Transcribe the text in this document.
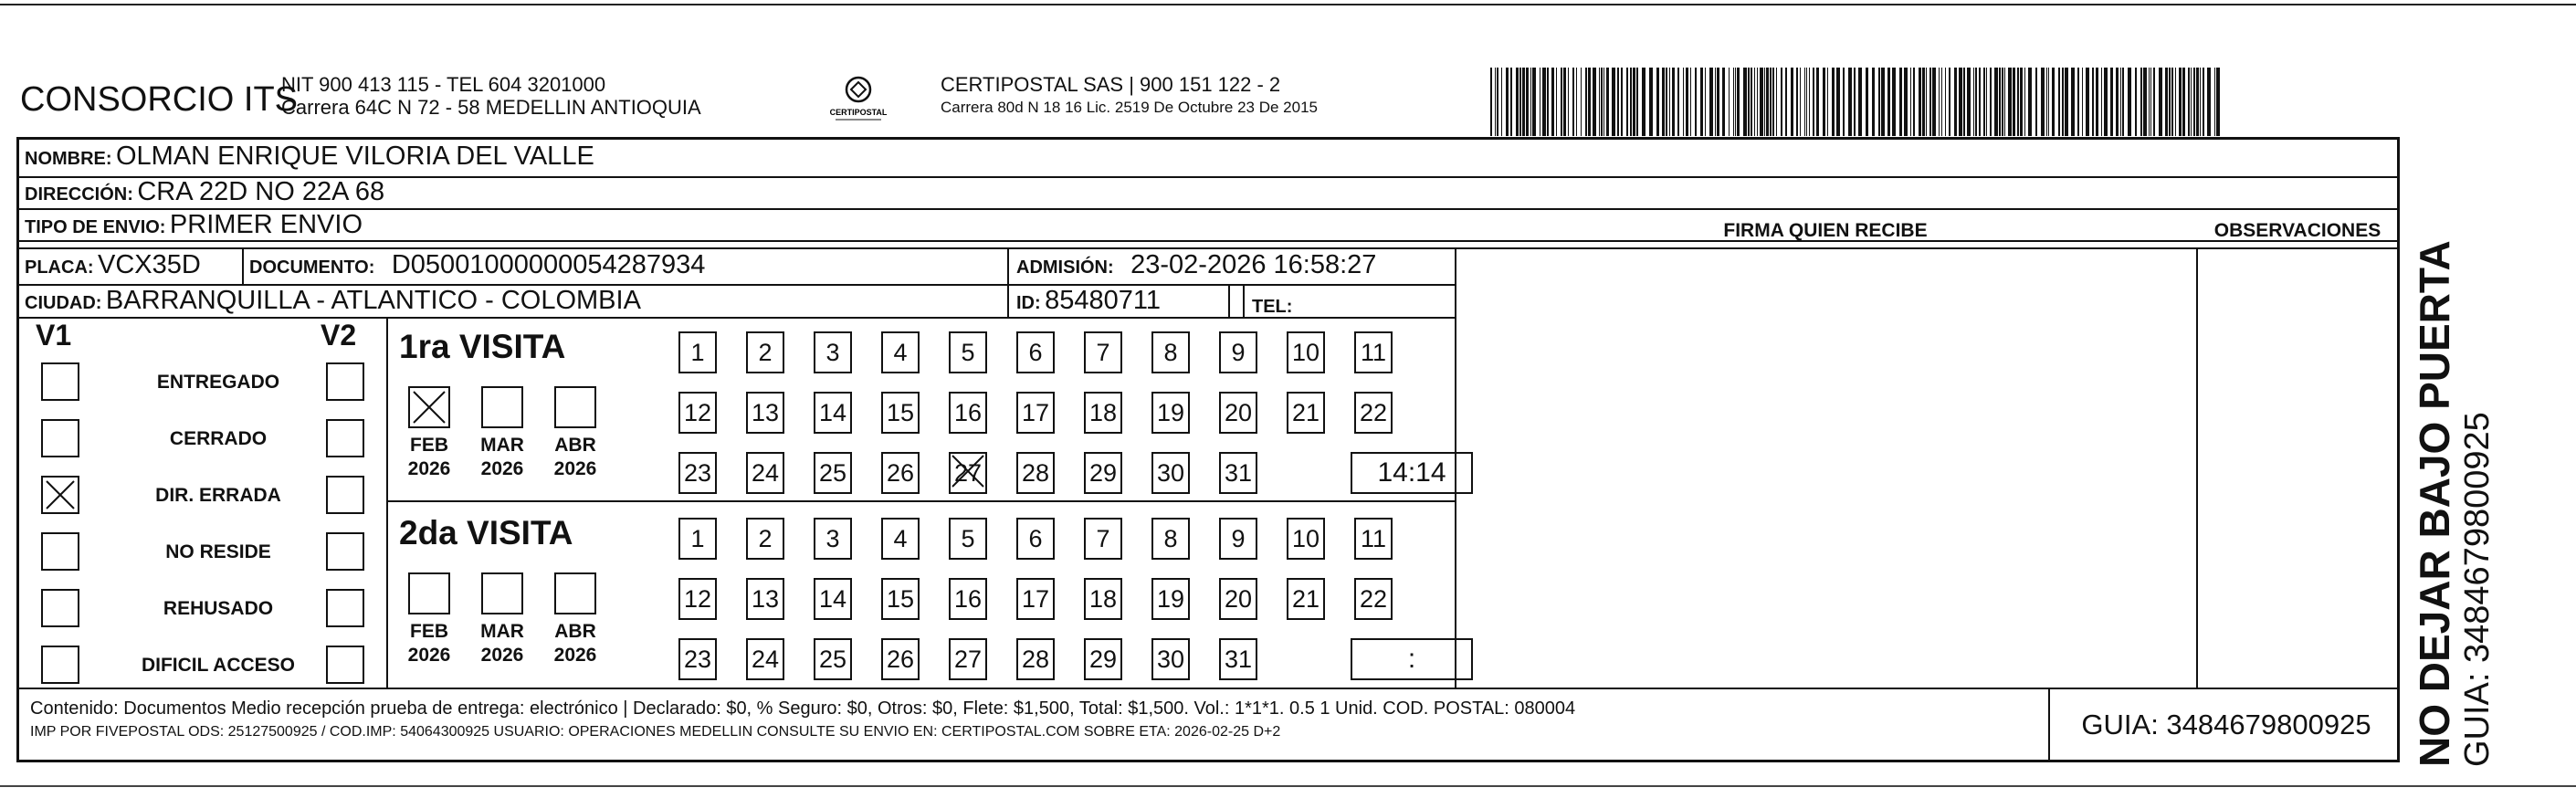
CONSORCIO ITS
NIT 900 413 115 - TEL 604 3201000
Carrera 64C N 72 - 58 MEDELLIN ANTIOQUIA	CERTIPOSTAL
CERTIPOSTAL SAS | 900 151 122 - 2
Carrera 80d N 18 16 Lic. 2519 De Octubre 23 De 2015
NOMBRE: OLMAN ENRIQUE VILORIA DEL VALLE
DIRECCIÓN: CRA 22D NO 22A 68
TIPO DE ENVIO: PRIMER ENVIO
PLACA: VCX35D	DOCUMENTO: D05001000000054287934	ADMISIÓN: 23-02-2026 16:58:27
CIUDAD: BARRANQUILLA - ATLANTICO - COLOMBIA	ID: 85480711	TEL:
FIRMA QUIEN RECIBE	OBSERVACIONES
V1	V2
ENTREGADO
CERRADO
DIR. ERRADA
NO RESIDE
REHUSADO
DIFICIL ACCESO
1ra VISITA
FEB
2026
MAR
2026
ABR
2026
1	2	3	4	5	6	7	8	9	10 11
12 13 14 15 16 17 18 19 20 21 22
23 24 25 26 27 28 29 30 31	14:14
2da VISITA
FEB
2026
MAR
2026
ABR
2026
1	2	3	4	5	6	7	8	9	10 11
12 13 14 15 16 17 18 19 20 21 22
23 24 25 26 27 28 29 30 31	:
Contenido: Documentos Medio recepción prueba de entrega: electrónico | Declarado: $0, % Seguro: $0, Otros: $0, Flete: $1,500, Total: $1,500. Vol.: 1*1*1. 0.5 1 Unid. COD. POSTAL: 080004
IMP POR FIVEPOSTAL ODS: 25127500925 / COD.IMP: 54064300925 USUARIO: OPERACIONES MEDELLIN CONSULTE SU ENVIO EN: CERTIPOSTAL.COM SOBRE ETA: 2026-02-25 D+2	GUIA: 3484679800925 NO DEJAR BAJO PUERTA GUIA: 3484679800925
